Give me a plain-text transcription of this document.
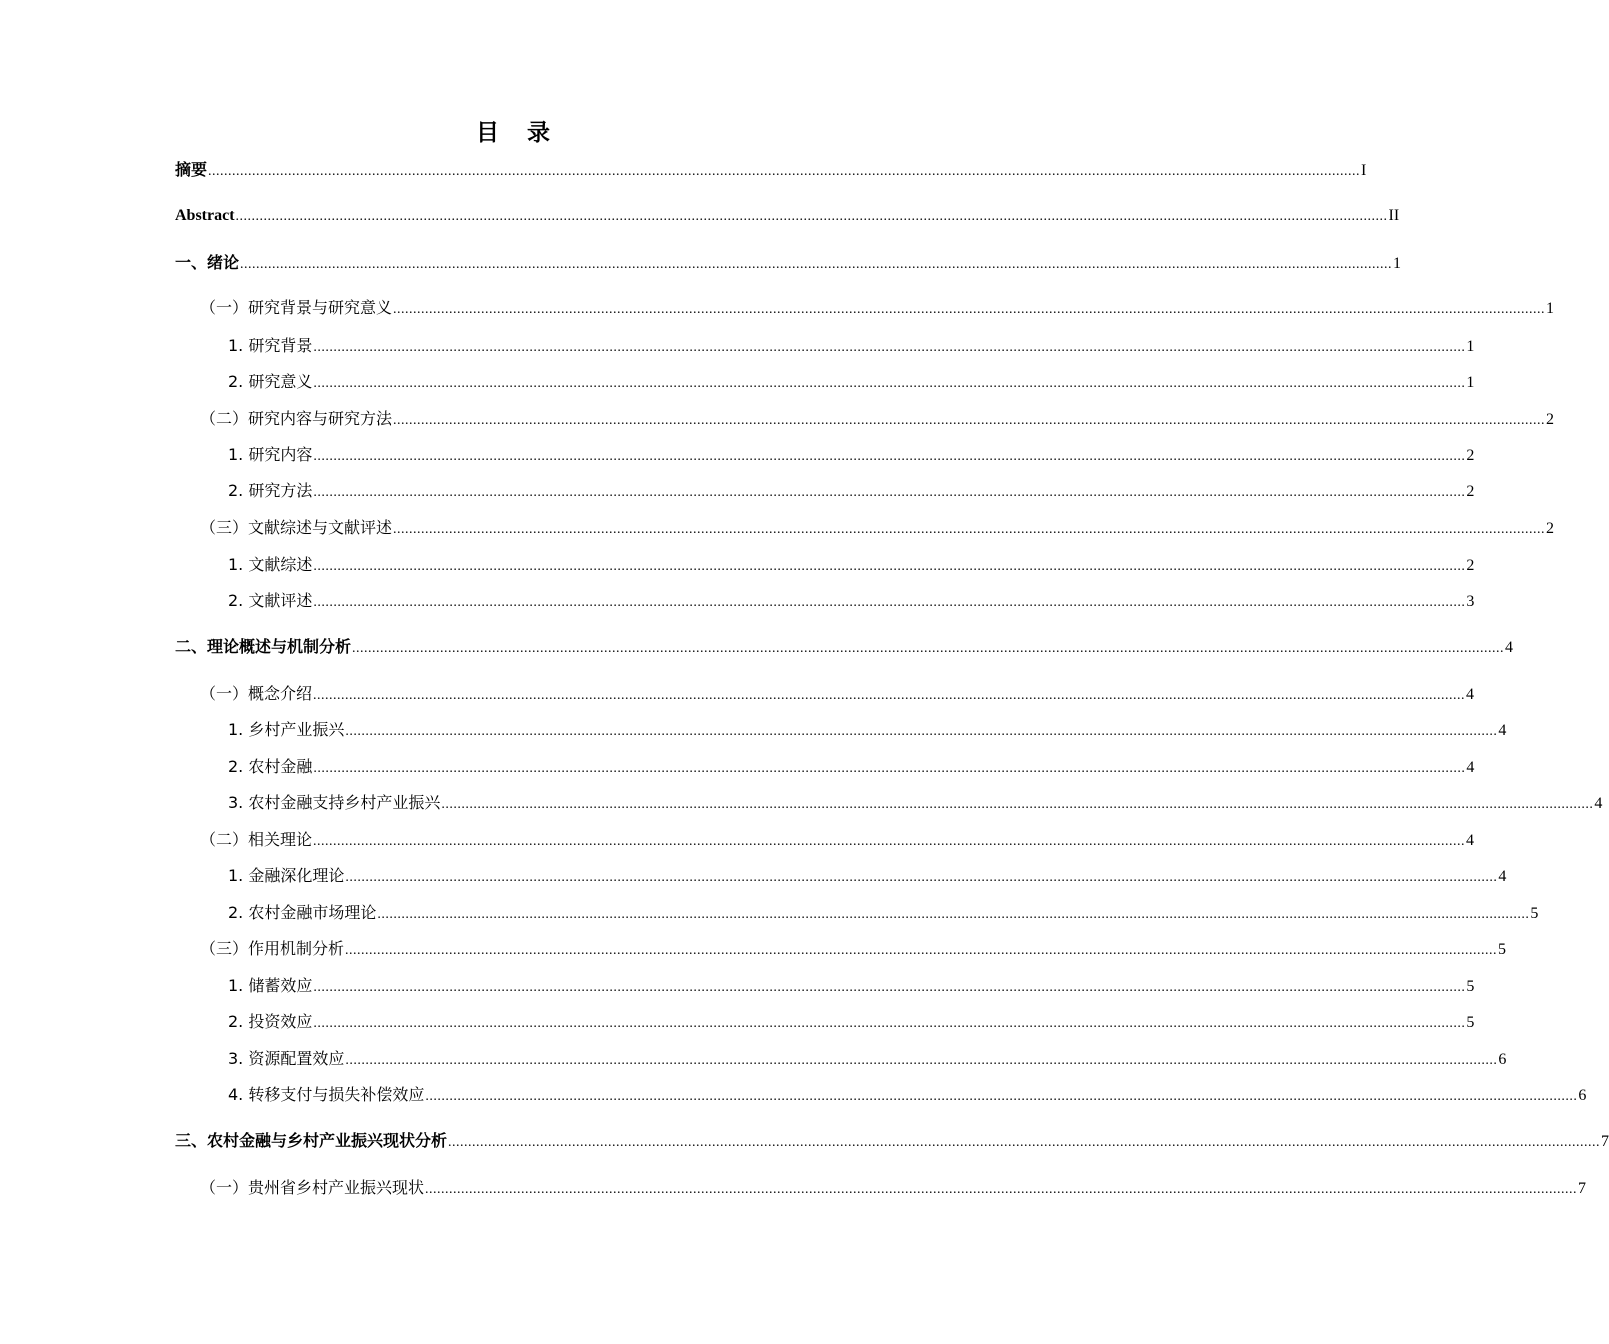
目 录
摘要 ................................................................................................................................................................................................................................................................................................ I
Abstract ................................................................................................................................................................................................................................................................................................ II
一、绪论 ................................................................................................................................................................................................................................................................................................ 1
（一）研究背景与研究意义 ................................................................................................................................................................................................................................................................................................ 1
1. 研究背景 ................................................................................................................................................................................................................................................................................................ 1
2. 研究意义 ................................................................................................................................................................................................................................................................................................ 1
（二）研究内容与研究方法 ................................................................................................................................................................................................................................................................................................ 2
1. 研究内容 ................................................................................................................................................................................................................................................................................................ 2
2. 研究方法 ................................................................................................................................................................................................................................................................................................ 2
（三）文献综述与文献评述 ................................................................................................................................................................................................................................................................................................ 2
1. 文献综述 ................................................................................................................................................................................................................................................................................................ 2
2. 文献评述 ................................................................................................................................................................................................................................................................................................ 3
二、理论概述与机制分析 ................................................................................................................................................................................................................................................................................................ 4
（一）概念介绍 ................................................................................................................................................................................................................................................................................................ 4
1. 乡村产业振兴 ................................................................................................................................................................................................................................................................................................ 4
2. 农村金融 ................................................................................................................................................................................................................................................................................................ 4
3. 农村金融支持乡村产业振兴 ................................................................................................................................................................................................................................................................................................ 4
（二）相关理论 ................................................................................................................................................................................................................................................................................................ 4
1. 金融深化理论 ................................................................................................................................................................................................................................................................................................ 4
2. 农村金融市场理论 ................................................................................................................................................................................................................................................................................................ 5
（三）作用机制分析 ................................................................................................................................................................................................................................................................................................ 5
1. 储蓄效应 ................................................................................................................................................................................................................................................................................................ 5
2. 投资效应 ................................................................................................................................................................................................................................................................................................ 5
3. 资源配置效应 ................................................................................................................................................................................................................................................................................................ 6
4. 转移支付与损失补偿效应 ................................................................................................................................................................................................................................................................................................ 6
三、农村金融与乡村产业振兴现状分析 ................................................................................................................................................................................................................................................................................................ 7
（一）贵州省乡村产业振兴现状 ................................................................................................................................................................................................................................................................................................ 7
